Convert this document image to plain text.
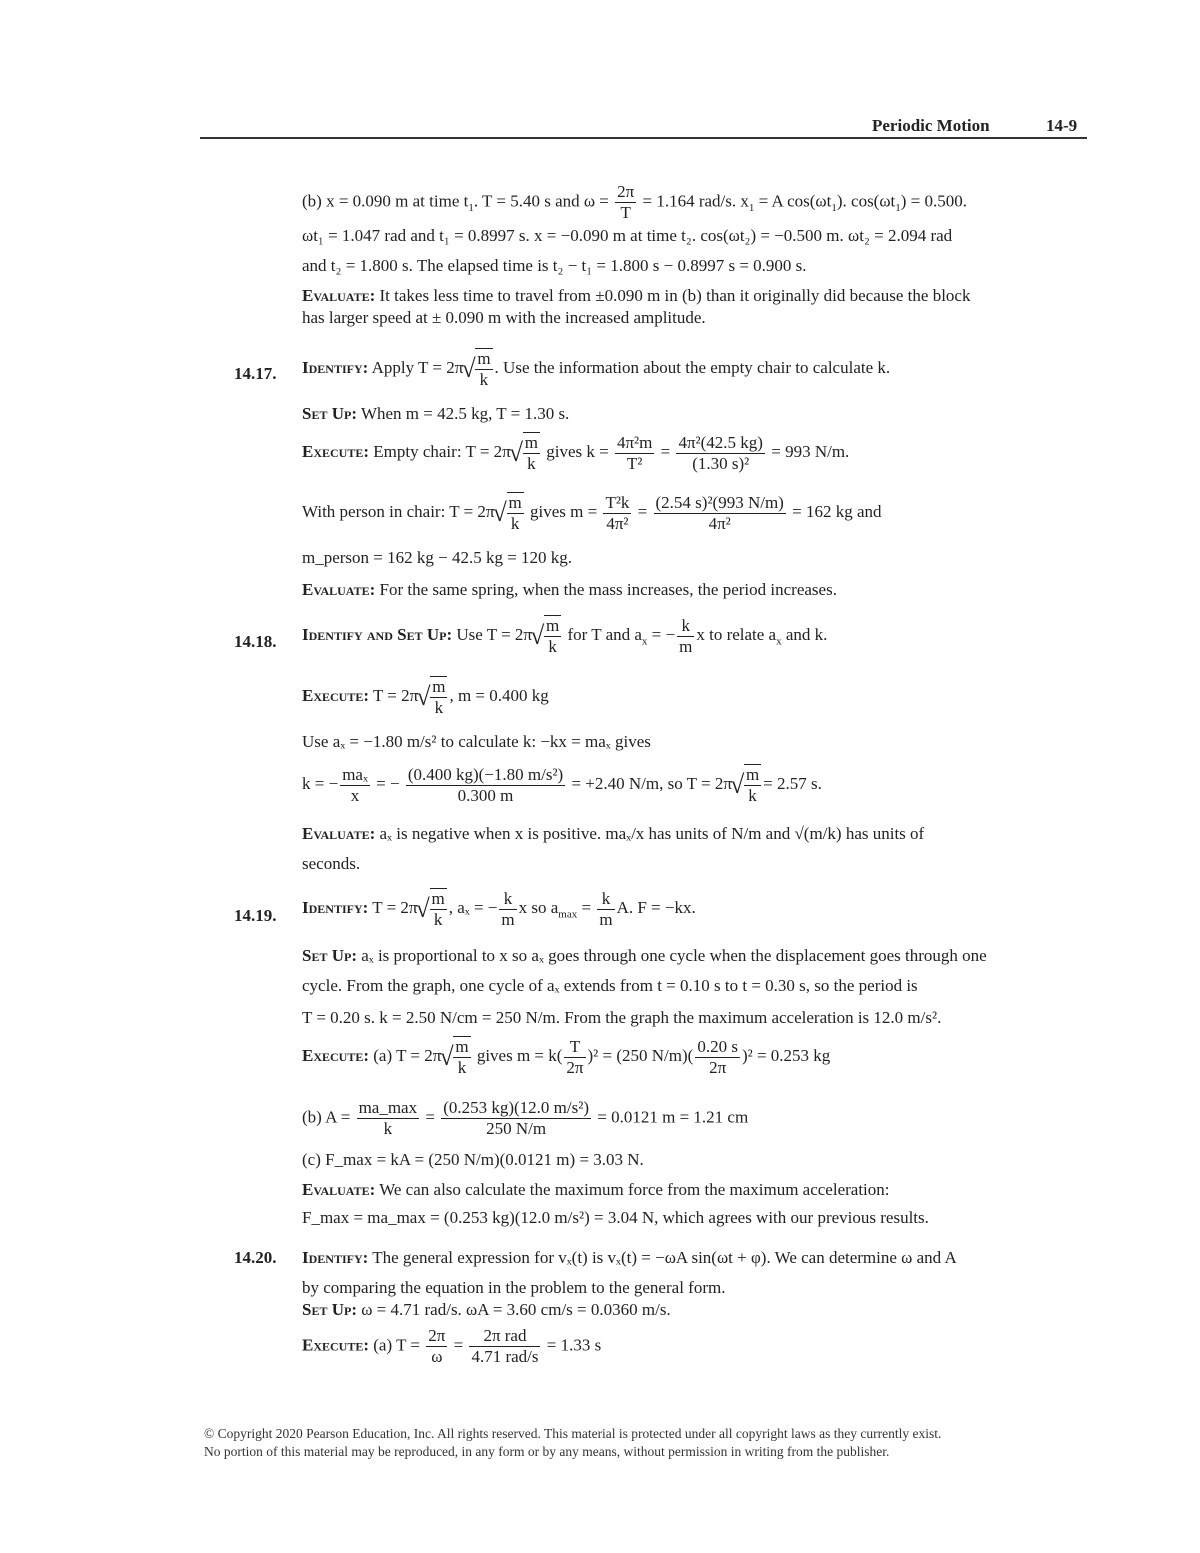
Periodic Motion	14-9
(b) x = 0.090 m at time $t_1$. T = 5.40 s and $\omega = \frac{2\pi}{T} = 1.164$ rad/s. $x_1 = A$ $\cos(\omega t_1)$. $\cos(\omega t_1) = 0.500$.
ωt₁ = 1.047 rad and t₁ = 0.8997 s. x = −0.090 m at time t₂. cos(ωt₂) = −0.500 m. ωt₂ = 2.094 rad
and t₂ = 1.800 s. The elapsed time is t₂ − t₁ = 1.800 s − 0.8997 s = 0.900 s.
Evaluate: It takes less time to travel from ±0.090 m in (b) than it originally did because the block
has larger speed at ± 0.090 m with the increased amplitude.
14.17. Identify: Apply T = 2π √ $\frac{m}{k}$ . Use the information about the empty chair to calculate k.
Set Up: When m = 42.5 kg, T = 1.30 s.
Execute: Empty chair: T = 2π √ $\frac{m}{k}$ gives $k = \frac{\text{4π²m}}{\text{T²}} = \frac{\text{4π²(42.5 kg)}}{\text{(1.30 s)²}} = 993$ N/m.
With person in chair: T = 2π √ $\frac{m}{k}$ gives $m = \frac{\text{T²k}}{\text{4π²}} = \frac{\text{(2.54 s)²(993 N/m)}}{\text{4π²}} = 162$ kg and
m_person = 162 kg − 42.5 kg = 120 kg.
Evaluate: For the same spring, when the mass increases, the period increases.
14.18. Identify and Set Up: Use T = 2π √ $\frac{m}{k}$ for T and $a_x$ = − $\frac{k}{m}$ x to relate $a_x$ and k.
Execute: T = 2π √ $\frac{m}{k}$ , m = 0.400 kg
Use aₓ = −1.80 m/s² to calculate k: −kx = maₓ gives
k = − $\frac{\text{maₓ}}{x}$ = − $\frac{\text{(0.400 kg)(−1.80 m/s²)}}{0.300 m} = +2.40$ N/m, so T = 2π √ $\frac{m}{k} = 2.57$ s.
Evaluate: aₓ is negative when x is positive. maₓ/x has units of N/m and √(m/k) has units of
seconds.
14.19. Identify: T = 2π √ $\frac{m}{k}$ , aₓ = − $\frac{k}{m}$ x so $a_{max} = \frac{k}{m} A$. F = −kx.
Set Up: aₓ is proportional to x so aₓ goes through one cycle when the displacement goes through one
cycle. From the graph, one cycle of aₓ extends from t = 0.10 s to t = 0.30 s, so the period is
T = 0.20 s. k = 2.50 N/cm = 250 N/m. From the graph the maximum acceleration is 12.0 m/s².
Execute: (a) T = 2π √ $\frac{m}{k}$ gives $m = k( \frac{T}{2\pi} )^2 = (250$ $N/m)( \frac{0.20 s}{2\pi} )^2 = 0.253$ kg
(b) $A = \frac{ma\_\max}{k} = \frac{\text{(0.253 kg)(12.0 m/s²)}}{250 N/m} = 0.0121$ m = 1.21 cm
(c) F_max = kA = (250 N/m)(0.0121 m) = 3.03 N.
Evaluate: We can also calculate the maximum force from the maximum acceleration:
F_max = ma_max = (0.253 kg)(12.0 m/s²) = 3.04 N, which agrees with our previous results.
14.20. Identify: The general expression for vₓ(t) is vₓ(t) = −ωA sin(ωt + φ). We can determine ω and A
by comparing the equation in the problem to the general form.
Set Up: ω = 4.71 rad/s. ωA = 3.60 cm/s = 0.0360 m/s.
Execute: (a) $T = \frac{2\pi}{\omega} = \frac{\text{2π rad}}{\text{4.71 rad/s}} = 1.33$ s
© Copyright 2020 Pearson Education, Inc. All rights reserved. This material is protected under all copyright laws as they currently exist.
No portion of this material may be reproduced, in any form or by any means, without permission in writing from the publisher.
